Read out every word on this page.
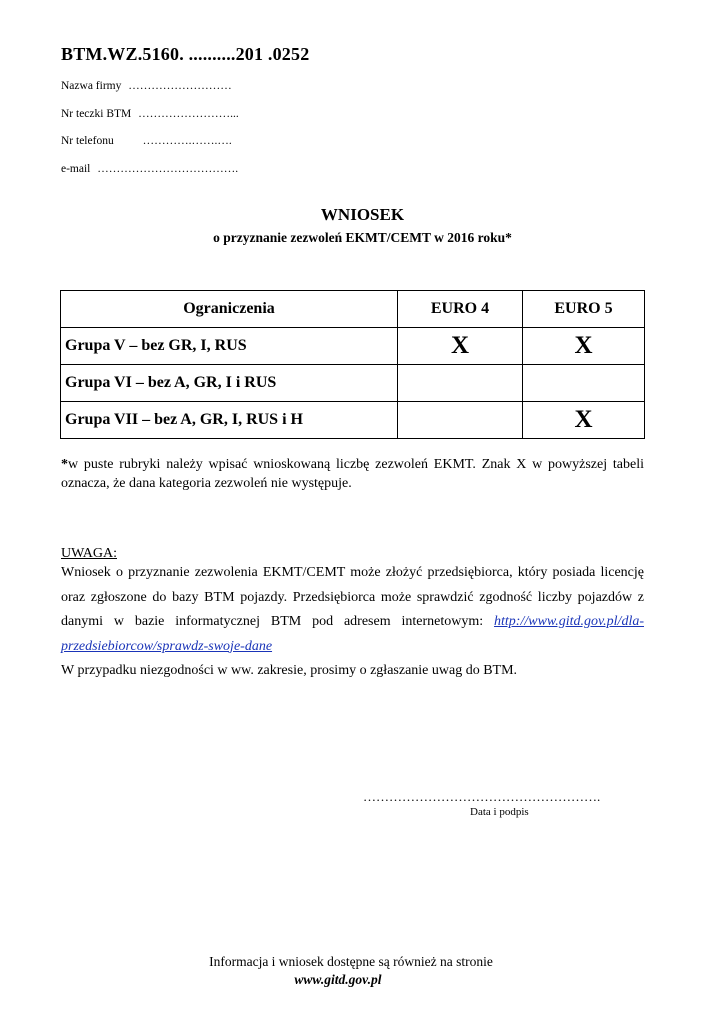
BTM.WZ.5160. ..........201 .0252
Nazwa firmy ………………………
Nr teczki BTM ……………………...
Nr telefonu	………….…….….
e-mail ……………………………….
WNIOSEK
o przyznanie zezwoleń EKMT/CEMT w 2016 roku*
Ograniczenia	EURO 4	EURO 5
Grupa V – bez GR, I, RUS	X	X
Grupa VI – bez A, GR, I i RUS		
Grupa VII – bez A, GR, I, RUS i H		X
*w puste rubryki należy wpisać wnioskowaną liczbę zezwoleń EKMT. Znak X w powyższej tabeli oznacza, że dana kategoria zezwoleń nie występuje.
UWAGA:
Wniosek o przyznanie zezwolenia EKMT/CEMT może złożyć przedsiębiorca, który posiada licencję oraz zgłoszone do bazy BTM pojazdy. Przedsiębiorca może sprawdzić zgodność liczby pojazdów z danymi w bazie informatycznej BTM pod adresem internetowym: http://www.gitd.gov.pl/dla-przedsiebiorcow/sprawdz-swoje-dane
W przypadku niezgodności w ww. zakresie, prosimy o zgłaszanie uwag do BTM.
……………………………………………….
Data i podpis
Informacja i wniosek dostępne są również na stronie
www.gitd.gov.pl
